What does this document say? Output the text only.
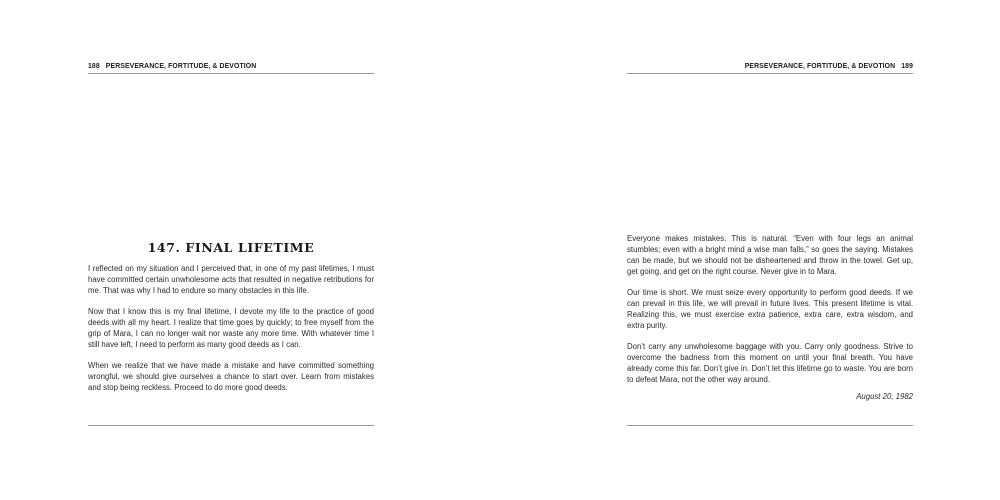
188 PERSEVERANCE, FORTITUDE, & DEVOTION
147. FINAL LIFETIME

I reflected on my situation and I perceived that, in one of my past lifetimes, I must have committed certain unwholesome acts that resulted in negative retributions for me. That was why I had to endure so many obstacles in this life.

Now that I know this is my final lifetime, I devote my life to the practice of good deeds with all my heart. I realize that time goes by quickly; to free myself from the grip of Mara, I can no longer wait nor waste any more time. With whatever time I still have left, I need to perform as many good deeds as I can.

When we realize that we have made a mistake and have committed something wrongful, we should give ourselves a chance to start over. Learn from mistakes and stop being reckless. Proceed to do more good deeds.

PERSEVERANCE, FORTITUDE, & DEVOTION 189

Everyone makes mistakes. This is natural. “Even with four legs an animal stumbles; even with a bright mind a wise man falls,” so goes the saying. Mistakes can be made, but we should not be disheartened and throw in the towel. Get up, get going, and get on the right course. Never give in to Mara.

Our time is short. We must seize every opportunity to perform good deeds. If we can prevail in this life, we will prevail in future lives. This present lifetime is vital. Realizing this, we must exercise extra patience, extra care, extra wisdom, and extra purity.

Don’t carry any unwholesome baggage with you. Carry only goodness. Strive to overcome the badness from this moment on until your final breath. You have already come this far. Don’t give in. Don’t let this lifetime go to waste. You are born to defeat Mara, not the other way around.

August 20, 1982
